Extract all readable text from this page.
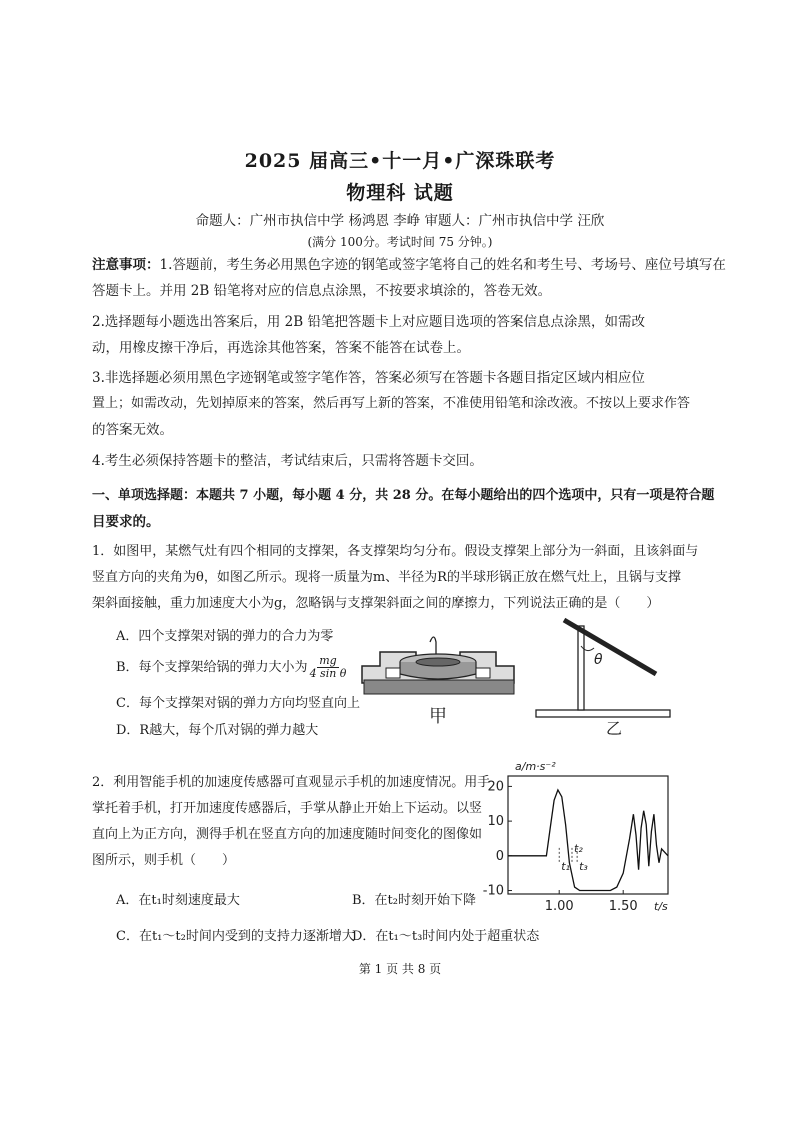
2025 届高三•十一月•广深珠联考
物理科 试题
命题人：广州市执信中学 杨鸿恩 李峥 审题人：广州市执信中学 汪欣
(满分 100分。考试时间 75 分钟。)
注意事项：1.答题前，考生务必用黑色字迹的钢笔或签字笔将自己的姓名和考生号、考场号、座位号填写在
答题卡上。并用 2B 铅笔将对应的信息点涂黑，不按要求填涂的，答卷无效。
2.选择题每小题选出答案后，用 2B 铅笔把答题卡上对应题目选项的答案信息点涂黑，如需改
动，用橡皮擦干净后，再选涂其他答案，答案不能答在试卷上。
3.非选择题必须用黑色字迹钢笔或签字笔作答，答案必须写在答题卡各题目指定区域内相应位
置上；如需改动，先划掉原来的答案，然后再写上新的答案，不准使用铅笔和涂改液。不按以上要求作答
的答案无效。
4.考生必须保持答题卡的整洁，考试结束后，只需将答题卡交回。
一、单项选择题：本题共 7 小题，每小题 4 分，共 28 分。在每小题给出的四个选项中，只有一项是符合题
目要求的。
1．如图甲，某燃气灶有四个相同的支撑架，各支撑架均匀分布。假设支撑架上部分为一斜面，且该斜面与
竖直方向的夹角为θ，如图乙所示。现将一质量为m、半径为R的半球形锅正放在燃气灶上，且锅与支撑
架斜面接触，重力加速度大小为g，忽略锅与支撑架斜面之间的摩擦力，下列说法正确的是（　　）
A．四个支撑架对锅的弹力的合力为零
B．每个支撑架给锅的弹力大小为 $\frac{mg}{\text{4 sin θ}}$
C．每个支撑架对锅的弹力方向均竖直向上
D．R越大，每个爪对锅的弹力越大
甲
θ
乙
2．利用智能手机的加速度传感器可直观显示手机的加速度情况。用手
掌托着手机，打开加速度传感器后，手掌从静止开始上下运动。以竖
直向上为正方向，测得手机在竖直方向的加速度随时间变化的图像如
图所示，则手机（　　）
A．在t₁时刻速度最大	B．在t₂时刻开始下降
C．在t₁～t₂时间内受到的支持力逐渐增大
D．在t₁～t₃时间内处于超重状态
a/m·s⁻²
20
10
0
-10
1.00	1.50
t₁
t₂
t₃
t/s
第 1 页 共 8 页
